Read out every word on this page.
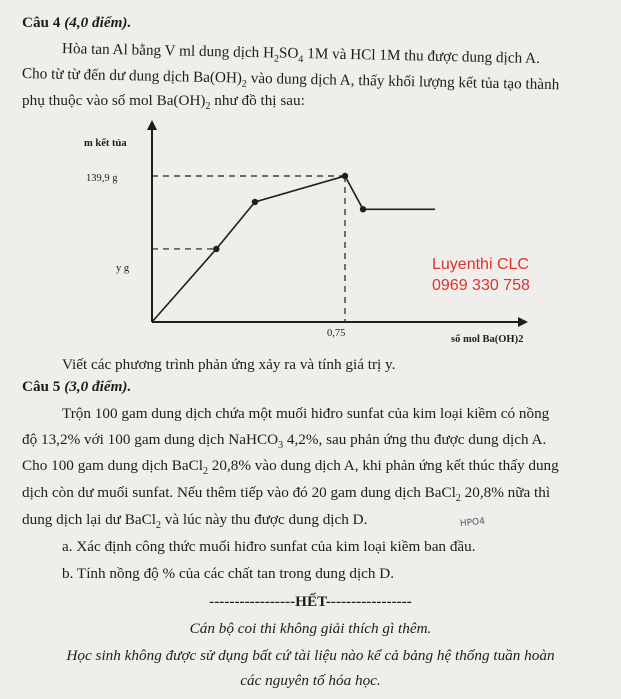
Câu 4 (4,0 điểm).
Hòa tan Al bằng V ml dung dịch $H_2SO_4$ 1M và HCl 1M thu được dung dịch A.
Cho từ từ đến dư dung dịch $Ba(OH)_2$ vào dung dịch A, thấy khối lượng kết tủa tạo thành
phụ thuộc vào số mol $Ba(OH)_2$ như đồ thị sau:
m kết tủa
139,9 g
y g
0,75
số mol Ba(OH)2
Luyenthi CLC
0969 330 758
Viết các phương trình phản ứng xảy ra và tính giá trị y.
Câu 5 (3,0 điểm).
Trộn 100 gam dung dịch chứa một muối hiđro sunfat của kim loại kiềm có nồng
độ 13,2% với 100 gam dung dịch NaHCO$_3$ 4,2%, sau phản ứng thu được dung dịch A.
Cho 100 gam dung dịch BaCl$_2$ 20,8% vào dung dịch A, khi phản ứng kết thúc thấy dung
dịch còn dư muối sunfat. Nếu thêm tiếp vào đó 20 gam dung dịch BaCl$_2$ 20,8% nữa thì
dung dịch lại dư BaCl$_2$ và lúc này thu được dung dịch D.	HPO4
a. Xác định công thức muối hiđro sunfat của kim loại kiềm ban đầu.
b. Tính nồng độ % của các chất tan trong dung dịch D.
-----------------HẾT-----------------
Cán bộ coi thi không giải thích gì thêm.
Học sinh không được sử dụng bất cứ tài liệu nào kể cả bảng hệ thống tuần hoàn
các nguyên tố hóa học.
